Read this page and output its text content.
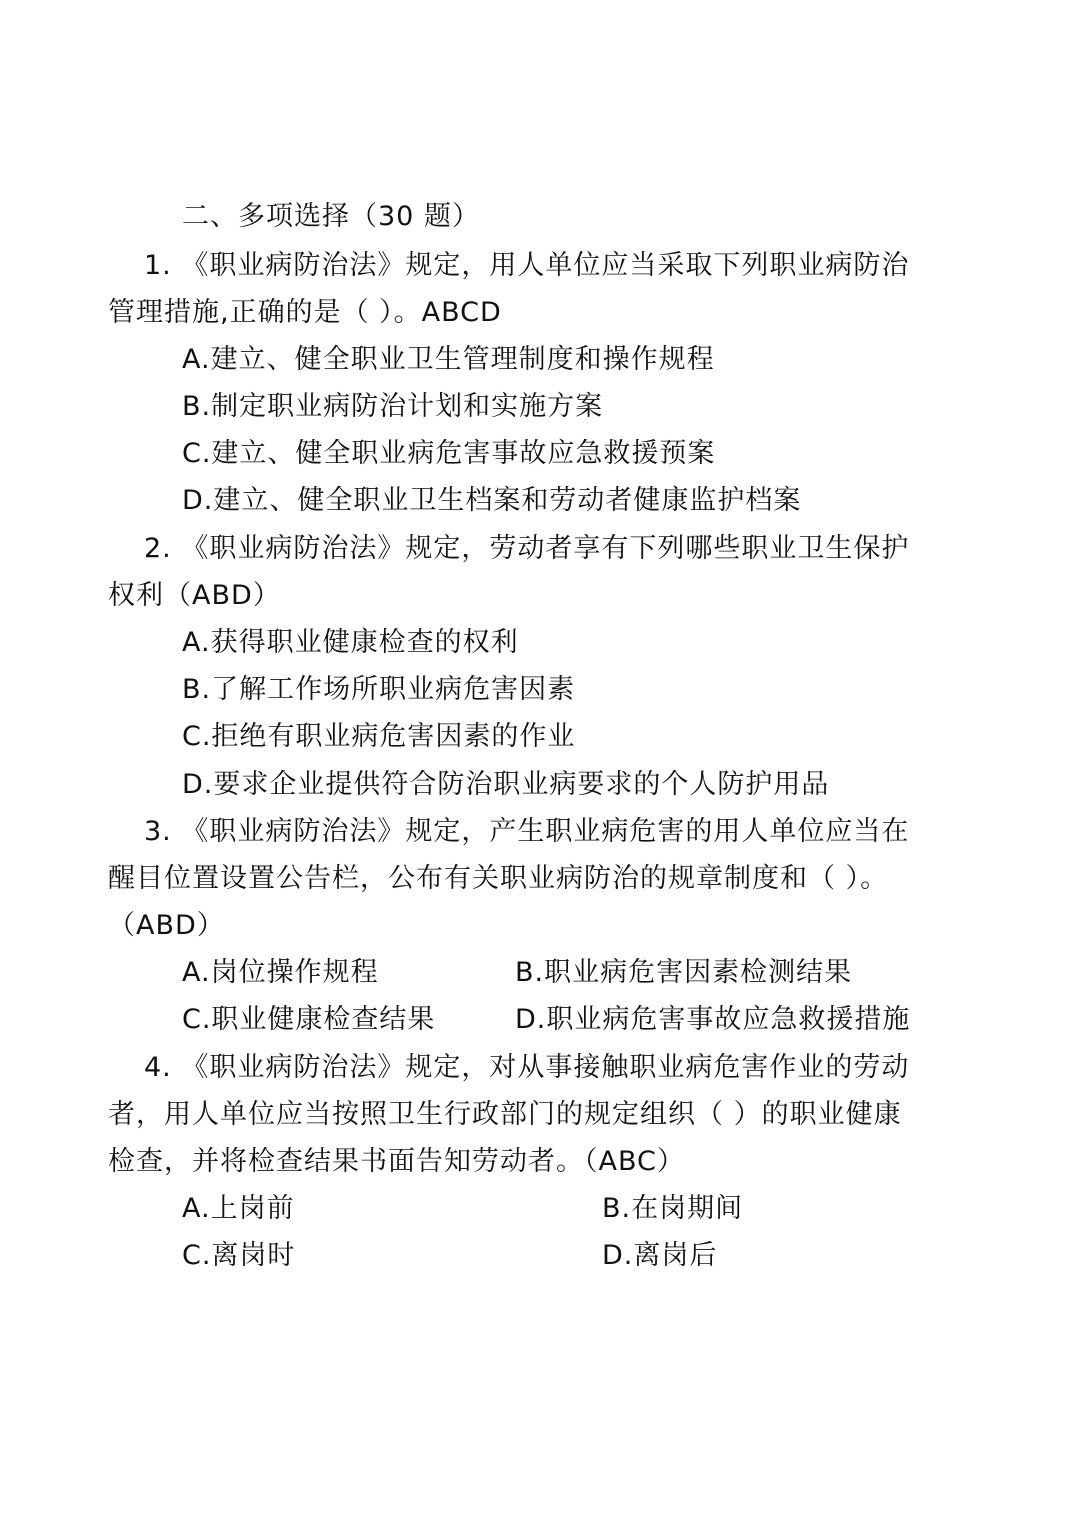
二、多项选择（30 题）
1. 《职业病防治法》规定，用人单位应当采取下列职业病防治
管理措施,正确的是（ ）。ABCD
A.建立、健全职业卫生管理制度和操作规程
B.制定职业病防治计划和实施方案
C.建立、健全职业病危害事故应急救援预案
D.建立、健全职业卫生档案和劳动者健康监护档案
2. 《职业病防治法》规定，劳动者享有下列哪些职业卫生保护
权利（ABD）
A.获得职业健康检查的权利
B.了解工作场所职业病危害因素
C.拒绝有职业病危害因素的作业
D.要求企业提供符合防治职业病要求的个人防护用品
3. 《职业病防治法》规定，产生职业病危害的用人单位应当在
醒目位置设置公告栏，公布有关职业病防治的规章制度和（ ）。
（ABD）
A.岗位操作规程	B.职业病危害因素检测结果
C.职业健康检查结果	D.职业病危害事故应急救援措施
4. 《职业病防治法》规定，对从事接触职业病危害作业的劳动
者，用人单位应当按照卫生行政部门的规定组织（ ）的职业健康
检查，并将检查结果书面告知劳动者。（ABC）
A.上岗前	B.在岗期间
C.离岗时	D.离岗后
